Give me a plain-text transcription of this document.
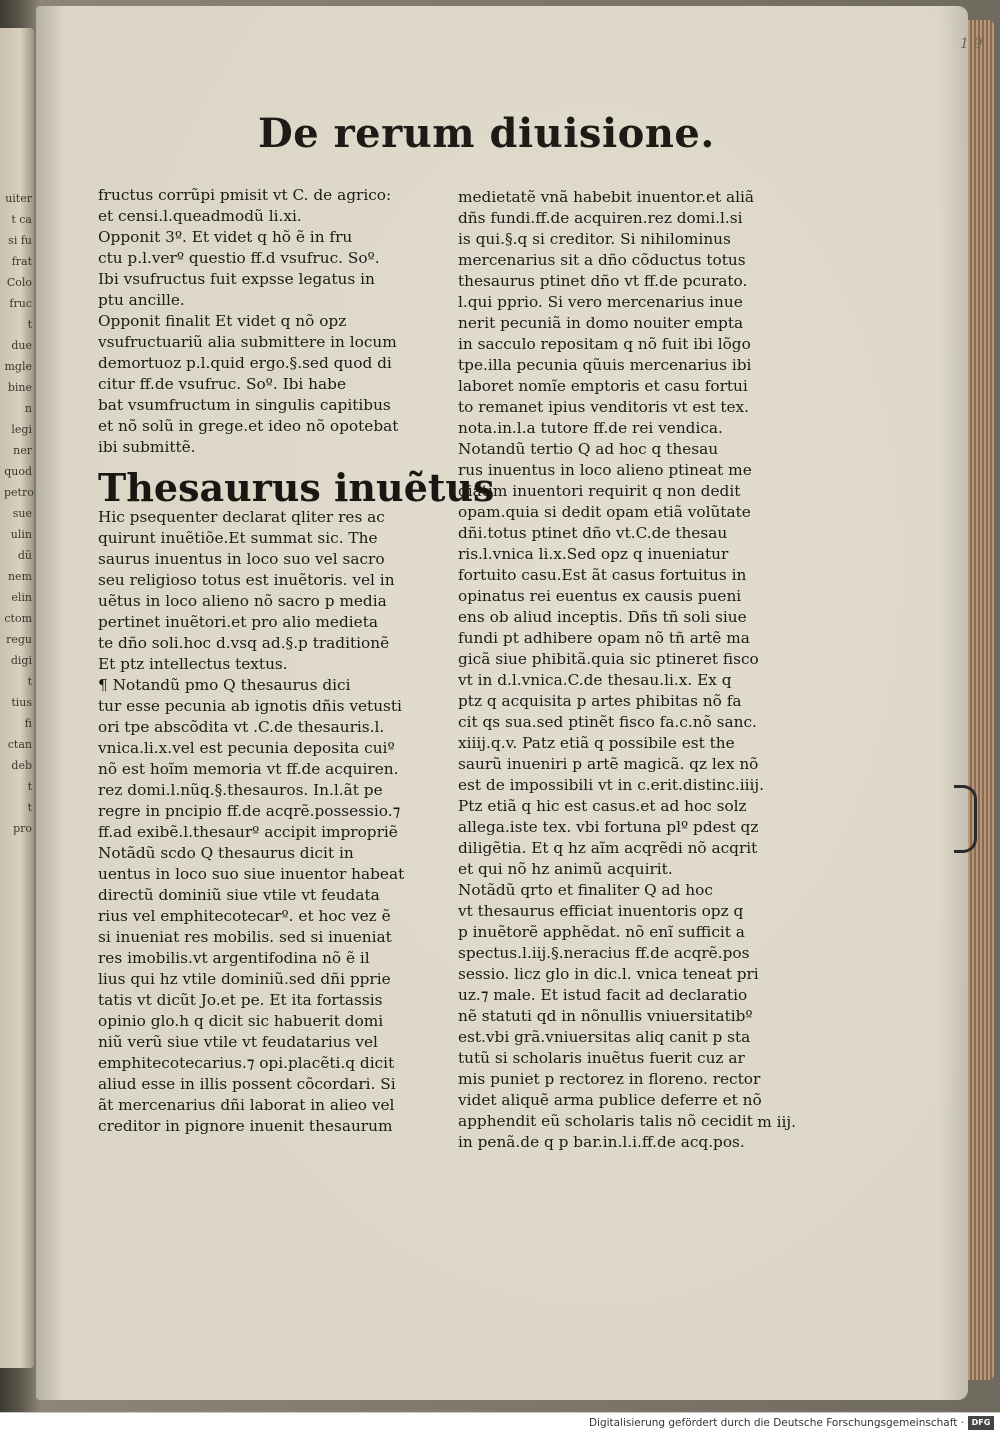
uiter
t ca
si fu
frat
Colo
fruc
t
due
mgle
bine
n
legi
ner
quod
petro
sue
ulin
dũ
nem
elin
ctom
regu
digi
t
tius
fi
ctan
deb
t
t
pro
1.9
De rerum diuisione.
fructus corrũpi pmisit vt C. de agrico:
et censi.l.queadmodũ li.xi.
Opponit 3º. Et videt q hõ ẽ in fru
ctu p.l.verº questio ff.d vsufruc. Soº.
Ibi vsufructus fuit expsse legatus in
ptu ancille.
Opponit finalit Et videt q nõ opz
vsufructuariũ alia submittere in locum
demortuoz p.l.quid ergo.§.sed quod di
citur ff.de vsufruc. Soº. Ibi habe
bat vsumfructum in singulis capitibus
et nõ solũ in grege.et ideo nõ opotebat
ibi submittẽ.
Thesaurus inuẽtus
Hic psequenter declarat qliter res ac
quirunt inuẽtiõe.Et summat sic. The
saurus inuentus in loco suo vel sacro
seu religioso totus est inuẽtoris. vel in
uẽtus in loco alieno nõ sacro p media
pertinet inuẽtori.et pro alio medieta
te dño soli.hoc d.vsq ad.§.p traditionẽ
Et ptz intellectus textus.
¶ Notandũ pmo Q thesaurus dici
tur esse pecunia ab ignotis dñis vetusti
ori tpe abscõdita vt .C.de thesauris.l.
vnica.li.x.vel est pecunia deposita cuiº
nõ est hoĩm memoria vt ff.de acquiren.
rez domi.l.nũq.§.thesauros. In.l.ãt pe
regre in pncipio ff.de acqrẽ.possessio.⁊
ff.ad exibẽ.l.thesaurº accipit impropriẽ
Notãdũ scdo Q thesaurus dicit in
uentus in loco suo siue inuentor habeat
directũ dominiũ siue vtile vt feudata
rius vel emphitecotecarº. et hoc vez ẽ
si inueniat res mobilis. sed si inueniat
res imobilis.vt argentifodina nõ ẽ il
lius qui hz vtile dominiũ.sed dñi pprie
tatis vt dicũt Jo.et pe. Et ita fortassis
opinio glo.h q dicit sic habuerit domi
niũ verũ siue vtile vt feudatarius vel
emphitecotecarius.⁊ opi.placẽti.q dicit
aliud esse in illis possent cõcordari. Si
ãt mercenarius dñi laborat in alieo vel
creditor in pignore inuenit thesaurum
medietatẽ vnã habebit inuentor.et aliã
dñs fundi.ff.de acquiren.rez domi.l.si
is qui.§.q si creditor. Si nihilominus
mercenarius sit a dño cõductus totus
thesaurus ptinet dño vt ff.de pcurato.
l.qui pprio. Si vero mercenarius inue
nerit pecuniã in domo nouiter empta
in sacculo repositam q nõ fuit ibi lõgo
tpe.illa pecunia qũuis mercenarius ibi
laboret nomĩe emptoris et casu fortui
to remanet ipius venditoris vt est tex.
nota.in.l.a tutore ff.de rei vendica.
Notandũ tertio Q ad hoc q thesau
rus inuentus in loco alieno ptineat me
diatim inuentori requirit q non dedit
opam.quia si dedit opam etiã volũtate
dñi.totus ptinet dño vt.C.de thesau
ris.l.vnica li.x.Sed opz q inueniatur
fortuito casu.Est ãt casus fortuitus in
opinatus rei euentus ex causis pueni
ens ob aliud inceptis. Dñs tñ soli siue
fundi pt adhibere opam nõ tñ artẽ ma
gicã siue phibitã.quia sic ptineret fisco
vt in d.l.vnica.C.de thesau.li.x. Ex q
ptz q acquisita p artes phibitas nõ fa
cit qs sua.sed ptinẽt fisco fa.c.nõ sanc.
xiiij.q.v. Patz etiã q possibile est the
saurũ inueniri p artẽ magicã. qz lex nõ
est de impossibili vt in c.erit.distinc.iiij.
Ptz etiã q hic est casus.et ad hoc solz
allega.iste tex. vbi fortuna plº pdest qz
diligẽtia. Et q hz aĩm acqrẽdi nõ acqrit
et qui nõ hz animũ acquirit.
Notãdũ qrto et finaliter Q ad hoc
vt thesaurus efficiat inuentoris opz q
p inuẽtorẽ apphẽdat. nõ enĩ sufficit a
spectus.l.iij.§.neracius ff.de acqrẽ.pos
sessio. licz glo in dic.l. vnica teneat pri
uz.⁊ male. Et istud facit ad declaratio
nẽ statuti qd in nõnullis vniuersitatibº
est.vbi grã.vniuersitas aliq canit p sta
tutũ si scholaris inuẽtus fuerit cuz ar
mis puniet p rectorez in floreno. rector
videt aliquẽ arma publice deferre et nõ
apphendit eũ scholaris talis nõ cecidit
in penã.de q p bar.in.l.i.ff.de acq.pos.
m iij.
Digitalisierung gefördert durch die Deutsche Forschungsgemeinschaft · DFG
